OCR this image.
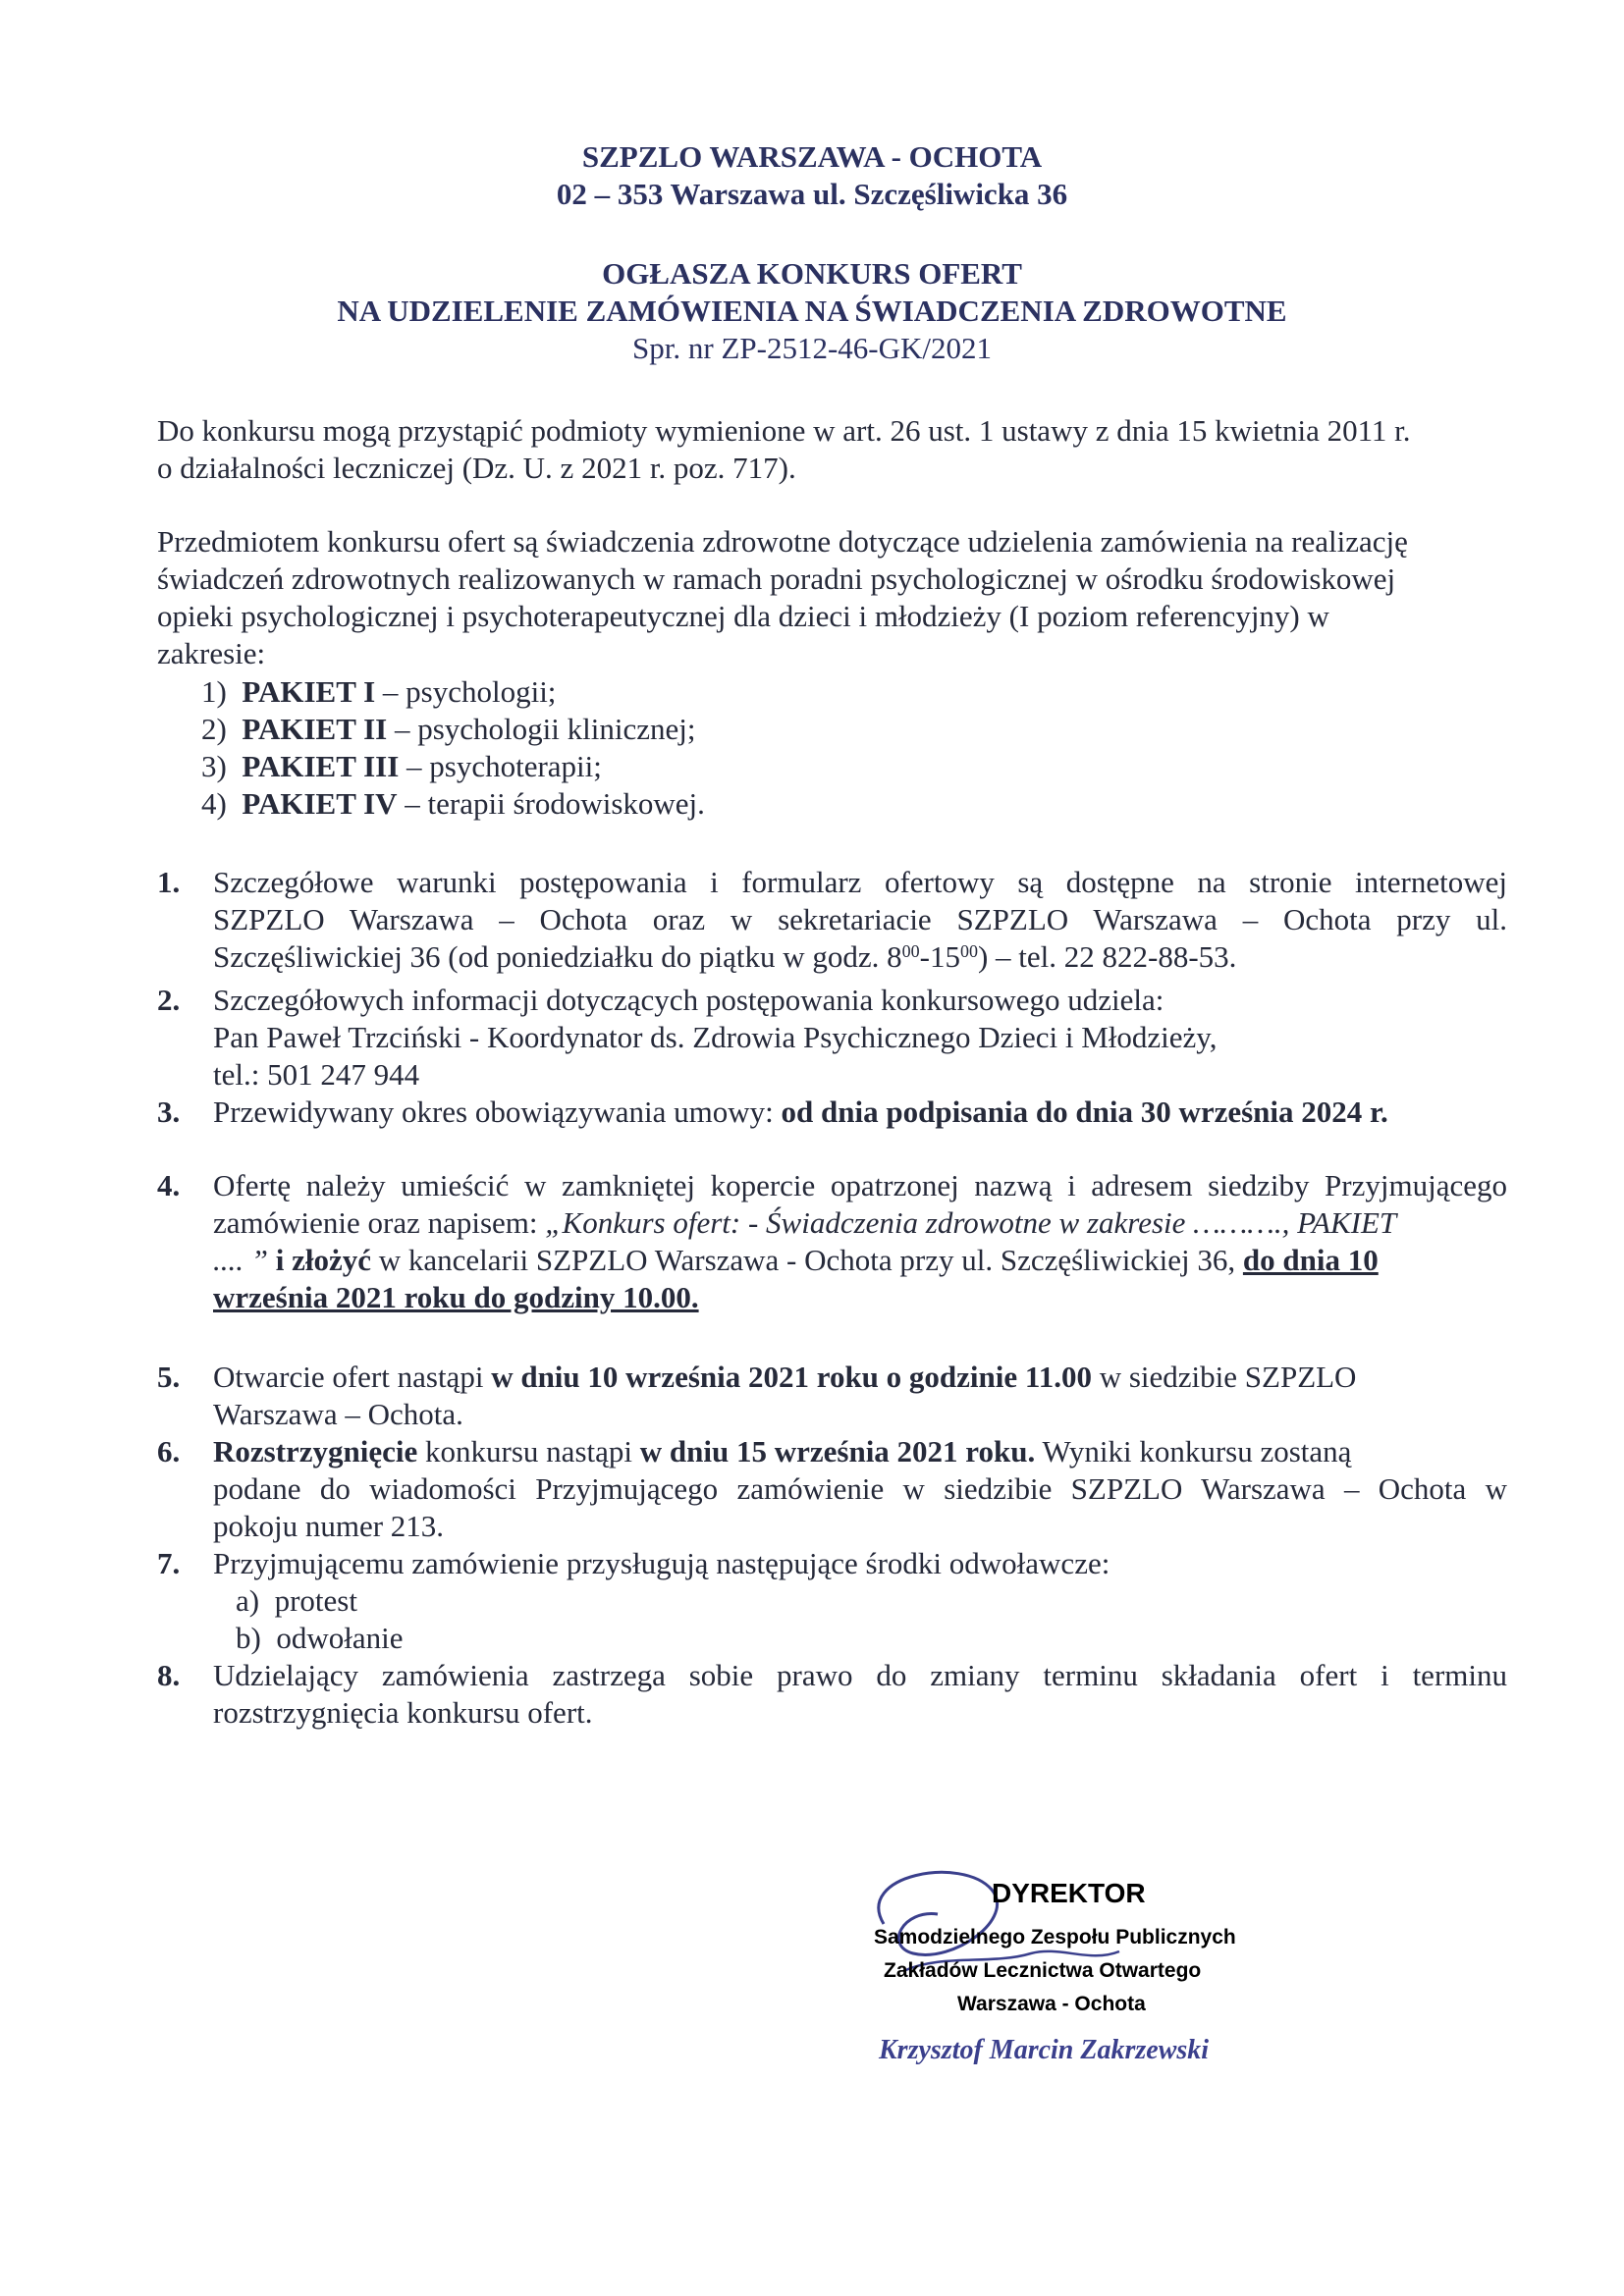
SZPZLO WARSZAWA - OCHOTA
02 – 353 Warszawa ul. Szczęśliwicka 36
OGŁASZA KONKURS OFERT
NA UDZIELENIE ZAMÓWIENIA NA ŚWIADCZENIA ZDROWOTNE
Spr. nr ZP-2512-46-GK/2021
Do konkursu mogą przystąpić podmioty wymienione w art. 26 ust. 1 ustawy z dnia 15 kwietnia 2011 r.
o działalności leczniczej (Dz. U. z 2021 r. poz. 717).
Przedmiotem konkursu ofert są świadczenia zdrowotne dotyczące udzielenia zamówienia na realizację
świadczeń zdrowotnych realizowanych w ramach poradni psychologicznej w ośrodku środowiskowej
opieki psychologicznej i psychoterapeutycznej dla dzieci i młodzieży (I poziom referencyjny) w
zakresie:
1) PAKIET I – psychologii;
2) PAKIET II – psychologii klinicznej;
3) PAKIET III – psychoterapii;
4) PAKIET IV – terapii środowiskowej.
1.	Szczegółowe warunki postępowania i formularz ofertowy są dostępne na stronie internetowej
SZPZLO Warszawa – Ochota oraz w sekretariacie SZPZLO Warszawa – Ochota przy ul.
Szczęśliwickiej 36 (od poniedziałku do piątku w godz. $8^{00}-15^{00}$) – tel. 22 822-88-53.
2.	Szczegółowych informacji dotyczących postępowania konkursowego udziela:
Pan Paweł Trzciński - Koordynator ds. Zdrowia Psychicznego Dzieci i Młodzieży,
tel.: 501 247 944
3.	Przewidywany okres obowiązywania umowy: od dnia podpisania do dnia 30 września 2024 r.
4.	Ofertę należy umieścić w zamkniętej kopercie opatrzonej nazwą i adresem siedziby Przyjmującego
zamówienie oraz napisem: „Konkurs ofert: - Świadczenia zdrowotne w zakresie ………., PAKIET
.... ” i złożyć w kancelarii SZPZLO Warszawa - Ochota przy ul. Szczęśliwickiej 36, do dnia 10
września 2021 roku do godziny 10.00.
5.	Otwarcie ofert nastąpi w dniu 10 września 2021 roku o godzinie 11.00 w siedzibie SZPZLO
Warszawa – Ochota.
6.	Rozstrzygnięcie konkursu nastąpi w dniu 15 września 2021 roku. Wyniki konkursu zostaną
podane do wiadomości Przyjmującego zamówienie w siedzibie SZPZLO Warszawa – Ochota w
pokoju numer 213.
7.	Przyjmującemu zamówienie przysługują następujące środki odwoławcze:
a) protest
b) odwołanie
8.	Udzielający zamówienia zastrzega sobie prawo do zmiany terminu składania ofert i terminu
rozstrzygnięcia konkursu ofert.
DYREKTOR
Samodzielnego Zespołu Publicznych
Zakładów Lecznictwa Otwartego
Warszawa - Ochota
Krzysztof Marcin Zakrzewski
